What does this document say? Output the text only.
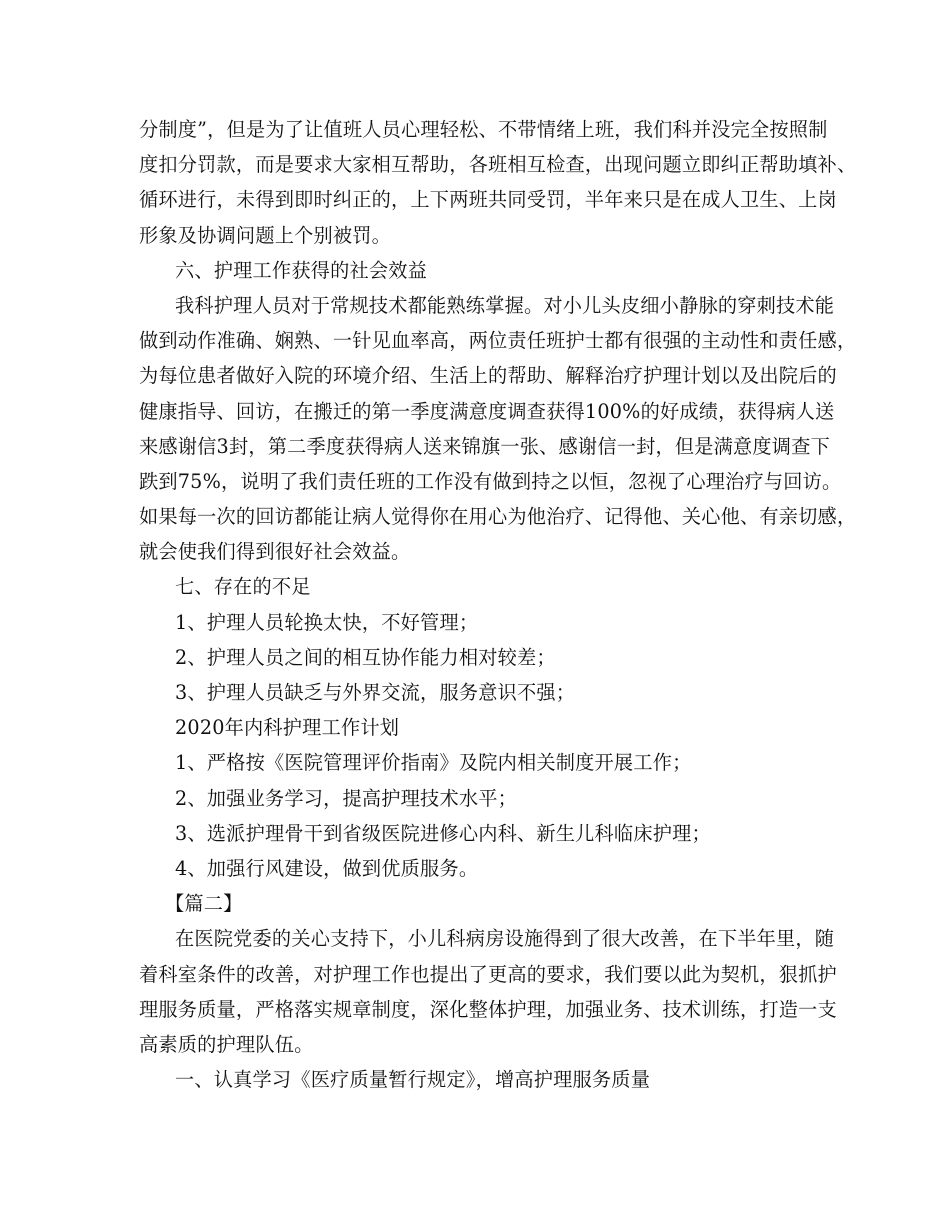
分制度”，但是为了让值班人员心理轻松、不带情绪上班，我们科并没完全按照制
度扣分罚款，而是要求大家相互帮助，各班相互检查，出现问题立即纠正帮助填补、
循环进行，未得到即时纠正的，上下两班共同受罚，半年来只是在成人卫生、上岗
形象及协调问题上个别被罚。
六、护理工作获得的社会效益
我科护理人员对于常规技术都能熟练掌握。对小儿头皮细小静脉的穿刺技术能
做到动作准确、娴熟、一针见血率高，两位责任班护士都有很强的主动性和责任感，
为每位患者做好入院的环境介绍、生活上的帮助、解释治疗护理计划以及出院后的
健康指导、回访，在搬迁的第一季度满意度调查获得100%的好成绩，获得病人送
来感谢信3封，第二季度获得病人送来锦旗一张、感谢信一封，但是满意度调查下
跌到75%，说明了我们责任班的工作没有做到持之以恒，忽视了心理治疗与回访。
如果每一次的回访都能让病人觉得你在用心为他治疗、记得他、关心他、有亲切感，
就会使我们得到很好社会效益。
七、存在的不足
1、护理人员轮换太快，不好管理；
2、护理人员之间的相互协作能力相对较差；
3、护理人员缺乏与外界交流，服务意识不强；
2020年内科护理工作计划
1、严格按《医院管理评价指南》及院内相关制度开展工作；
2、加强业务学习，提高护理技术水平；
3、选派护理骨干到省级医院进修心内科、新生儿科临床护理；
4、加强行风建设，做到优质服务。
【篇二】
在医院党委的关心支持下，小儿科病房设施得到了很大改善，在下半年里，随
着科室条件的改善，对护理工作也提出了更高的要求，我们要以此为契机，狠抓护
理服务质量，严格落实规章制度，深化整体护理，加强业务、技术训练，打造一支
高素质的护理队伍。
一、认真学习《医疗质量暂行规定》，增高护理服务质量
